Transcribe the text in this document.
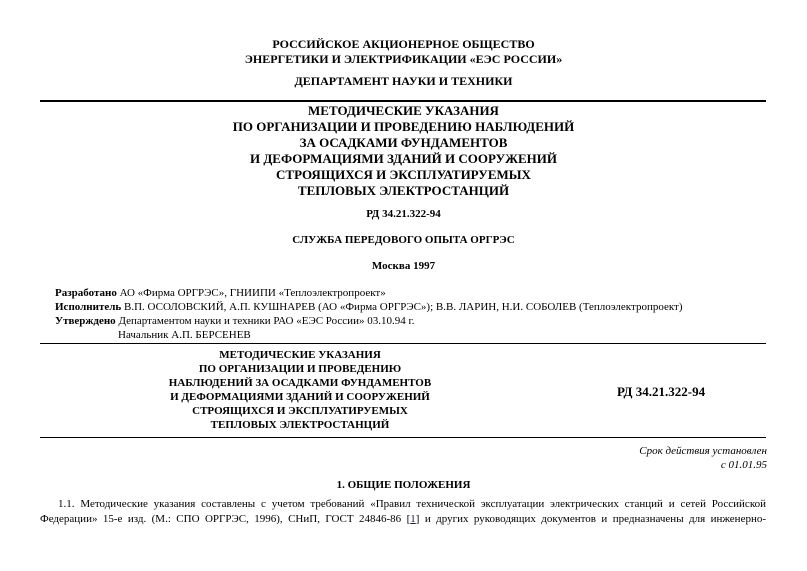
РОССИЙСКОЕ АКЦИОНЕРНОЕ ОБЩЕСТВО
ЭНЕРГЕТИКИ И ЭЛЕКТРИФИКАЦИИ «ЕЭС РОССИИ»
ДЕПАРТАМЕНТ НАУКИ И ТЕХНИКИ
МЕТОДИЧЕСКИЕ УКАЗАНИЯ
ПО ОРГАНИЗАЦИИ И ПРОВЕДЕНИЮ НАБЛЮДЕНИЙ
ЗА ОСАДКАМИ ФУНДАМЕНТОВ
И ДЕФОРМАЦИЯМИ ЗДАНИЙ И СООРУЖЕНИЙ
СТРОЯЩИХСЯ И ЭКСПЛУАТИРУЕМЫХ
ТЕПЛОВЫХ ЭЛЕКТРОСТАНЦИЙ
РД 34.21.322-94
СЛУЖБА ПЕРЕДОВОГО ОПЫТА ОРГРЭС
Москва 1997
Разработано АО «Фирма ОРГРЭС», ГНИИПИ «Теплоэлектропроект»
Исполнитель В.П. ОСОЛОВСКИЙ, А.П. КУШНАРЕВ (АО «Фирма ОРГРЭС»); В.В. ЛАРИН, Н.И. СОБОЛЕВ (Теплоэлектропроект)
Утверждено Департаментом науки и техники РАО «ЕЭС России» 03.10.94 г.
Начальник А.П. БЕРСЕНЕВ
МЕТОДИЧЕСКИЕ УКАЗАНИЯ
ПО ОРГАНИЗАЦИИ И ПРОВЕДЕНИЮ
НАБЛЮДЕНИЙ ЗА ОСАДКАМИ ФУНДАМЕНТОВ
И ДЕФОРМАЦИЯМИ ЗДАНИЙ И СООРУЖЕНИЙ
СТРОЯЩИХСЯ И ЭКСПЛУАТИРУЕМЫХ
ТЕПЛОВЫХ ЭЛЕКТРОСТАНЦИЙ
РД 34.21.322-94
Срок действия установлен
с 01.01.95
1. ОБЩИЕ ПОЛОЖЕНИЯ
1.1. Методические указания составлены с учетом требований «Правил технической эксплуатации электрических станций и сетей Российской
Федерации» 15-е изд. (М.: СПО ОРГРЭС, 1996), СНиП, ГОСТ 24846-86 [1] и других руководящих документов и предназначены для инженерно-
